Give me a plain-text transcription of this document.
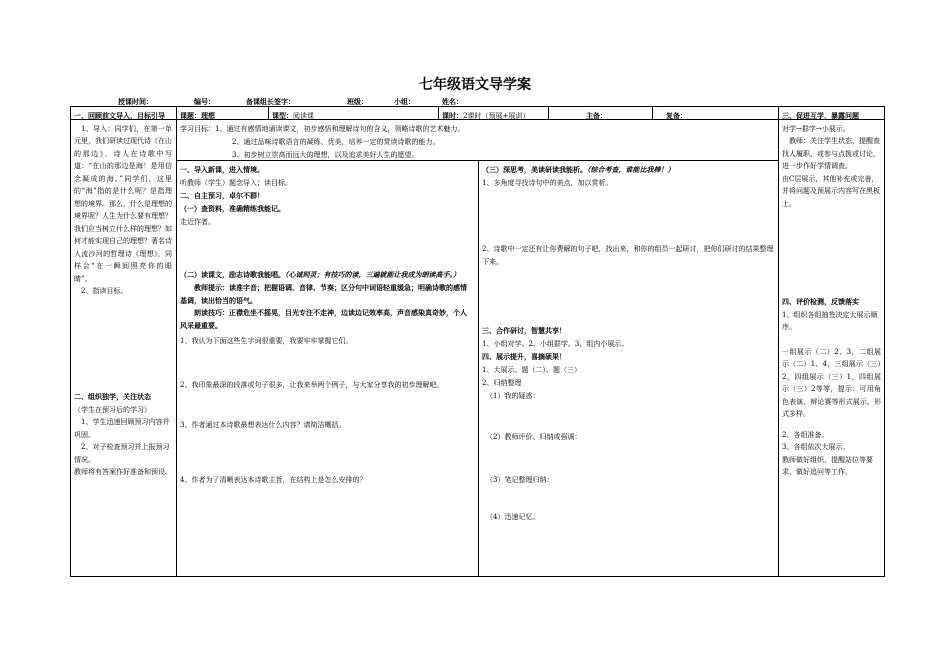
七年级语文导学案
授课时间：	编号：	备课组长签字：	班级：	小组：	姓名：
课题：理想	课型：阅读课	课时：2课时（预展+展训）	主备：	复备：
学习目标：1、通过有感情地诵读课文，初步感悟和理解诗句的含义，领略诗歌的艺术魅力。
2、通过品味诗歌语言的凝练、优美，培养一定的赏读诗歌的能力。
3、初步树立崇高而远大的理想，以及追求美好人生的愿望。
一、回顾前文导入，目标引导
1、导入：同学们，在第一单元里，我们研读过现代诗《在山的那边》，诗人在诗歌中写道：“在山的那边是海！是用信念凝成的海。”同学们，这里的“海”指的是什么呢？是指理想的境界。那么，什么是理想的境界呢？人生为什么要有理想？我们应当树立什么样的理想？如何才能实现自己的理想？著名诗人流沙河的哲理诗《理想》，同样会“在一瞬间照亮你的眼睛”。
2、指读目标。
二、组织独学，关注状态
（学生在预习后的学习）
1、学生迅速回顾预习内容并巩固。
2、对子检查预习并上报预习情况。
教师将有答案作好准备和预设。
一、导入新课，进入情境。
听教师（学生）题念导入；读目标。
二、自主预习，卓尔不群！
（一）查资料，准确精练我能记。
走近作者。
（二）读课文，励志诗歌我能唱。（心诚则灵；有技巧的读，三遍就能让我成为朗读高手。）
教师提示：读准字音；把握语调、音律、节奏；区分句中词语轻重缓急；明确诗歌的感情基调，读出恰当的语气。
朗读技巧：正襟危坐不摇晃，目光专注不走神，边读边记效率高，声音感染真奇妙，个人风采最重要。
1、我认为下面这些生字词很重要，我要牢牢掌握它们。
2、我印象最深的段落或句子很多，让我来举两个例子，与大家分享我的初步理解吧。
3、作者通过本诗歌最想表达什么内容？请简洁概括。
4、作者为了清晰表达本诗歌主旨，在结构上是怎么安排的？
（三）深思考，美读研读我能析。（综合考查，谁能比我棒！）
1、多角度寻找诗句中的美点，加以赏析。
2、诗歌中一定还有让你费解的句子吧，找出来，和你的组员一起研讨，把你们研讨的结果整理下来。
三、合作研讨，智慧共享！
1、小组对学。2、小组群学。3、组内小展示。
四、展示提升，喜摘硕果！
1、大展示。题（二）、题（三）
2、归纳整理
（1）我的疑惑：
（2）教师评价、归纳或强调：
（3）笔记整理归纳：
（4）迅速记忆。
三、促进互学，暴露问题
对学→群学→小展示。
教师：关注学生状态，提醒查找人履职，或参与点拨或讨论，进一步作好学情调查。
由C层展示，其他补充或完善，并将问题及预展示内容写在黑板上。
四、评价检测，反馈落实
1、组织各组抽签决定大展示顺序。
一组展示（二）2、3，二组展示（二）1、4，三组展示（三）2，四组展示（三）1，四组展示（三）2等等，提示：可用角色表演、辩论赛等形式展示。形式多样。
2、各组准备。
3、各组依次大展示。
教师做好组织，提醒站位等要求，做好追问等工作。
